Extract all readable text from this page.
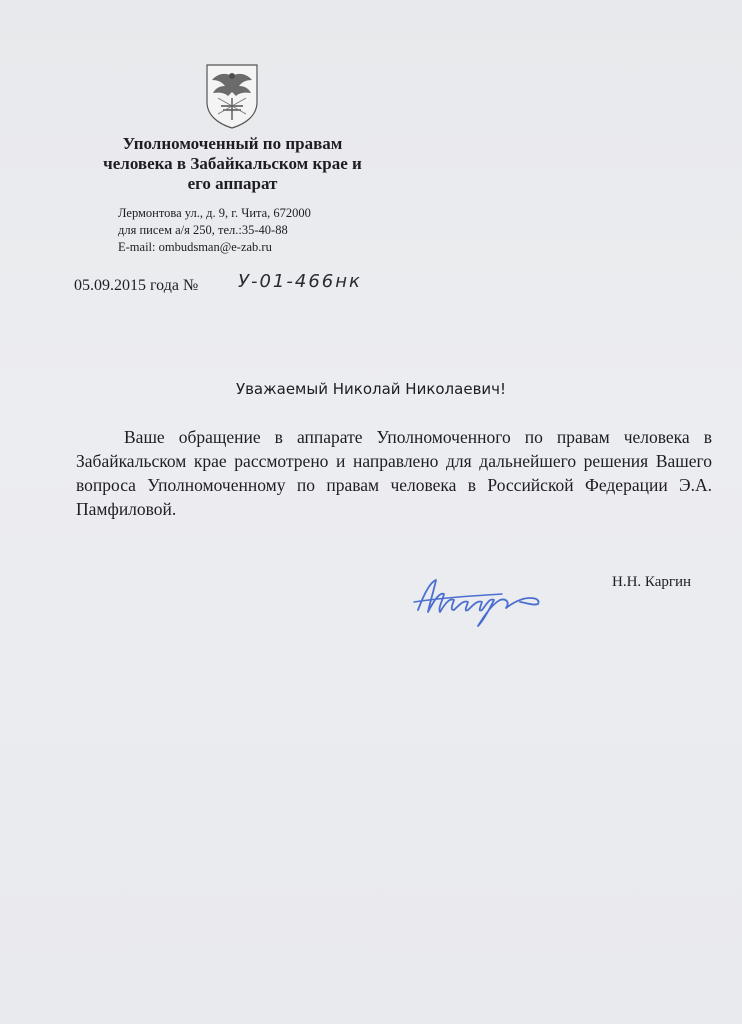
Уполномоченный по правам
человека в Забайкальском крае и
его аппарат
Лермонтова ул., д. 9, г. Чита, 672000
для писем а/я 250, тел.:35-40-88
E-mail: ombudsman@e-zab.ru
05.09.2015 года № У-01-466нк
Уважаемый Николай Николаевич!
Ваше обращение в аппарате Уполномоченного по правам человека в Забайкальском крае рассмотрено и направлено для дальнейшего решения Вашего вопроса Уполномоченному по правам человека в Российской Федерации Э.А. Памфиловой.
Н.Н. Каргин
